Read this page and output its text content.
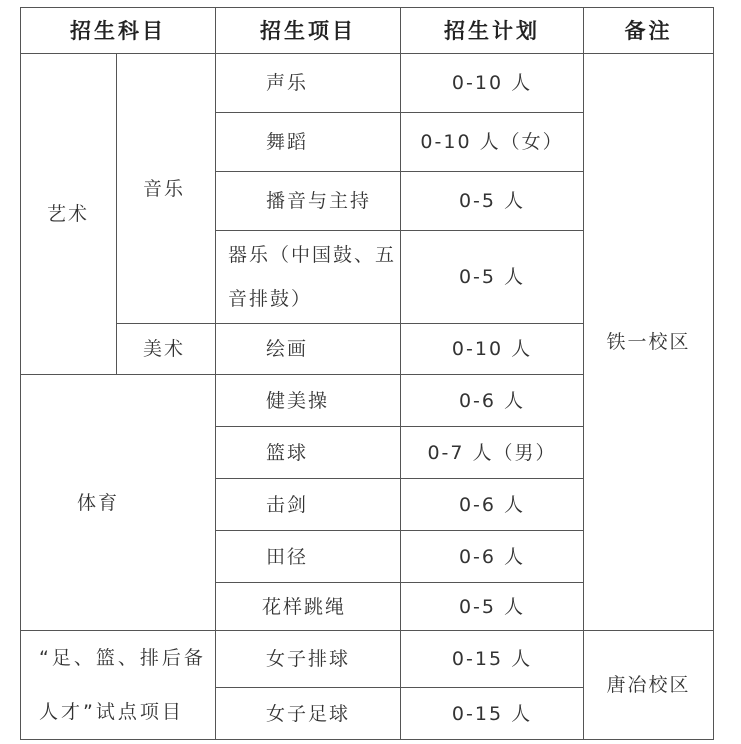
招生科目		招生项目	招生计划	备注
艺术	音乐	声乐	0-10 人	铁一校区
		舞蹈	0-10 人（女）	
		播音与主持	0-5 人	
		器乐（中国鼓、五音排鼓）	0-5 人	
	美术	绘画	0-10 人	
体育		健美操	0-6 人	
		篮球	0-7 人（男）	
		击剑	0-6 人	
		田径	0-6 人	
		花样跳绳	0-5 人	
“足、篮、排后备人才”试点项目		女子排球	0-15 人	唐冶校区
		女子足球	0-15 人	
